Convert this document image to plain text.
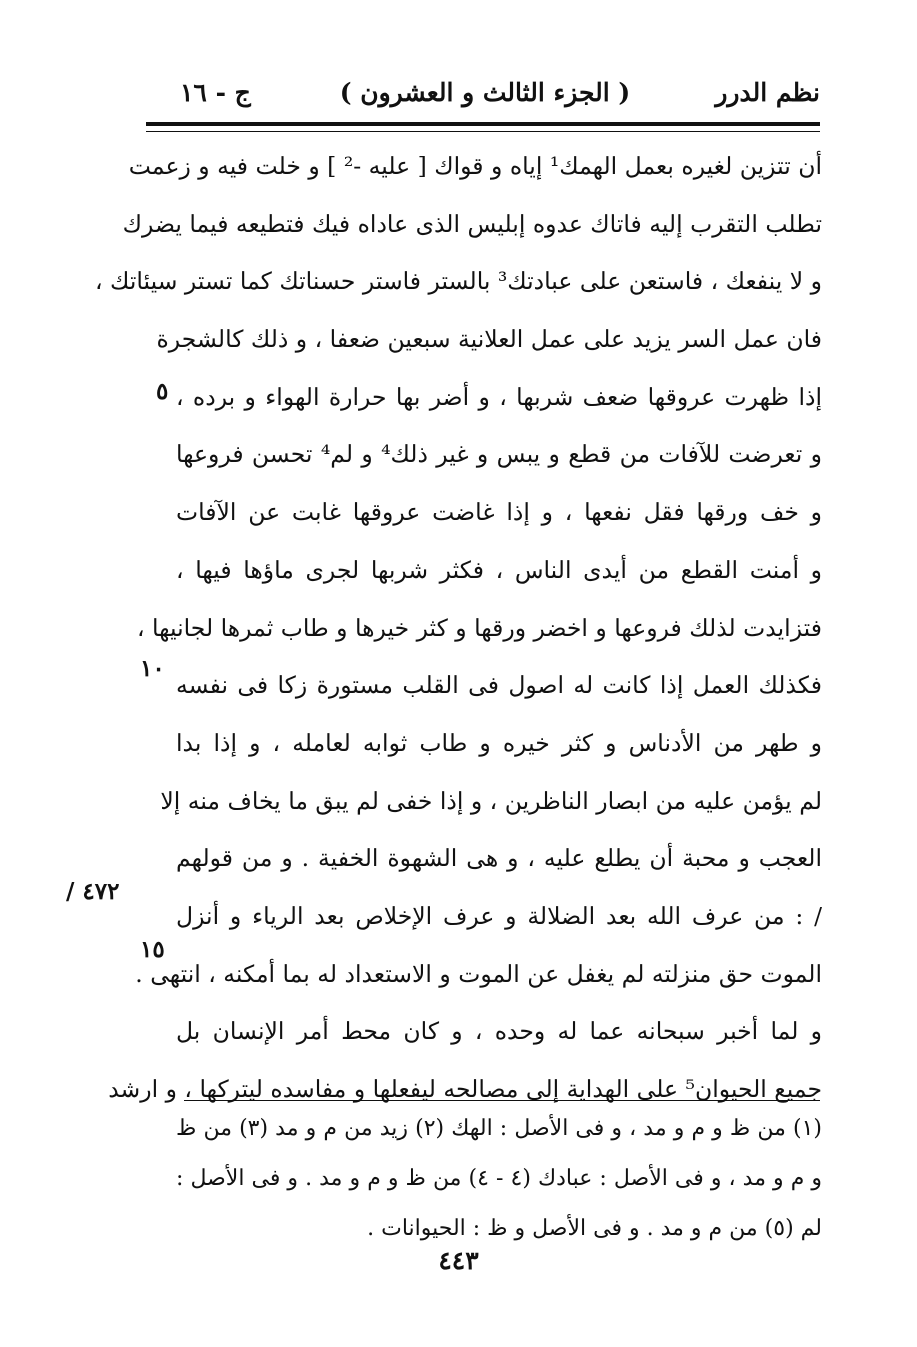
نظم الدرر
( الجزء الثالث و العشرون )
ج - ١٦
أن تتزين لغيره بعمل الهمك¹ إياه و قواك [ عليه -² ] و خلت فيه و زعمت
تطلب التقرب إليه فاتاك عدوه إبليس الذى عاداه فيك فتطيعه فيما يضرك
و لا ينفعك ، فاستعن على عبادتك³ بالستر فاستر حسناتك كما تستر سيئاتك ،
فان عمل السر يزيد على عمل العلانية سبعين ضعفا ، و ذلك كالشجرة
إذا ظهرت عروقها ضعف شربها ، و أضر بها حرارة الهواء و برده ،
و تعرضت للآفات من قطع و يبس و غير ذلك⁴ و لم⁴ تحسن فروعها
و خف ورقها فقل نفعها ، و إذا غاضت عروقها غابت عن الآفات
و أمنت القطع من أيدى الناس ، فكثر شربها لجرى ماؤها فيها ،
فتزايدت لذلك فروعها و اخضر ورقها و كثر خيرها و طاب ثمرها لجانيها ،
فكذلك العمل إذا كانت له اصول فى القلب مستورة زكا فى نفسه
و طهر من الأدناس و كثر خيره و طاب ثوابه لعامله ، و إذا بدا
لم يؤمن عليه من ابصار الناظرين ، و إذا خفى لم يبق ما يخاف منه إلا
العجب و محبة أن يطلع عليه ، و هى الشهوة الخفية . و من قولهم
/ : من عرف الله بعد الضلالة و عرف الإخلاص بعد الرياء و أنزل
الموت حق منزلته لم يغفل عن الموت و الاستعداد له بما أمكنه ، انتهى .
و لما أخبر سبحانه عما له وحده ، و كان محط أمر الإنسان بل
جميع الحيوان⁵ على الهداية إلى مصالحه ليفعلها و مفاسده ليتركها ، و ارشد
٥
١٠
١٥
٤٧٢ /
(١) من ظ و م و مد ، و فى الأصل : الهك (٢) زيد من م و مد (٣) من ظ
و م و مد ، و فى الأصل : عبادك (٤ - ٤) من ظ و م و مد . و فى الأصل :
لم (٥) من م و مد . و فى الأصل و ظ : الحيوانات .
٤٤٣
